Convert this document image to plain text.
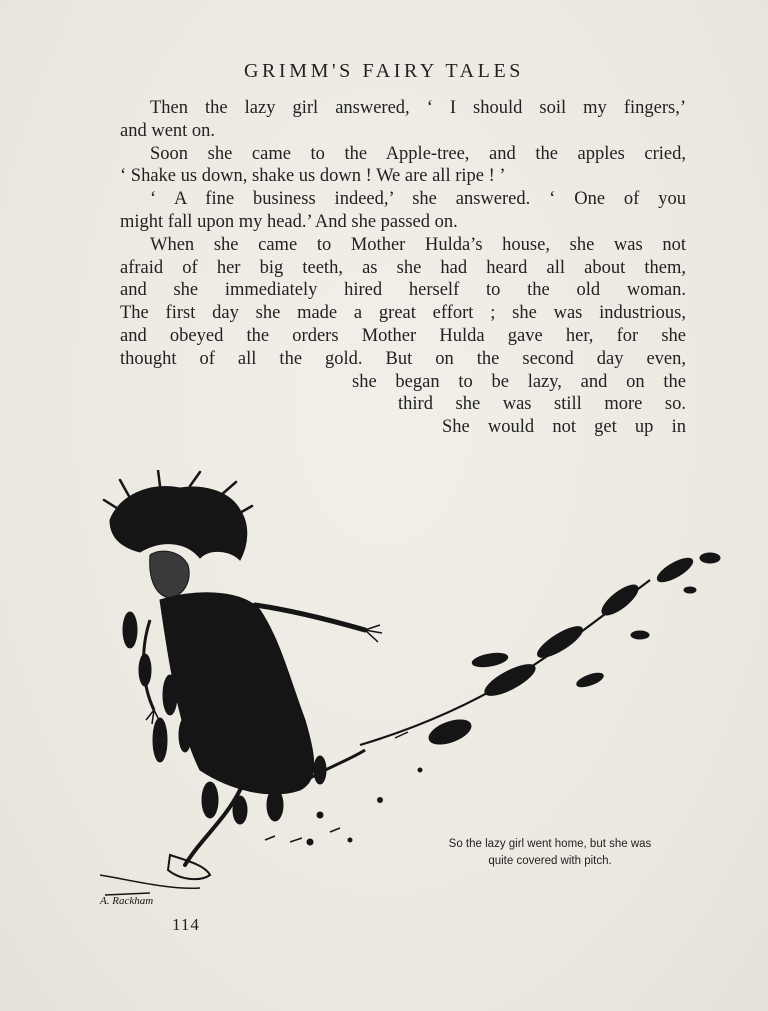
GRIMM'S FAIRY TALES
Then the lazy girl answered, ‘ I should soil my fingers,’
and went on.
Soon she came to the Apple-tree, and the apples cried,
‘ Shake us down, shake us down ! We are all ripe ! ’
‘ A fine business indeed,’ she answered. ‘ One of you
might fall upon my head.’ And she passed on.
When she came to Mother Hulda’s house, she was not
afraid of her big teeth, as she had heard all about them,
and she immediately hired herself to the old woman.
The first day she made a great effort ; she was industrious,
and obeyed the orders Mother Hulda gave her, for she
thought of all the gold. But on the second day even,
she began to be lazy, and on the
third she was still more so.
She would not get up in
A. Rackham
So the lazy girl went home, but she was
quite covered with pitch.
114
